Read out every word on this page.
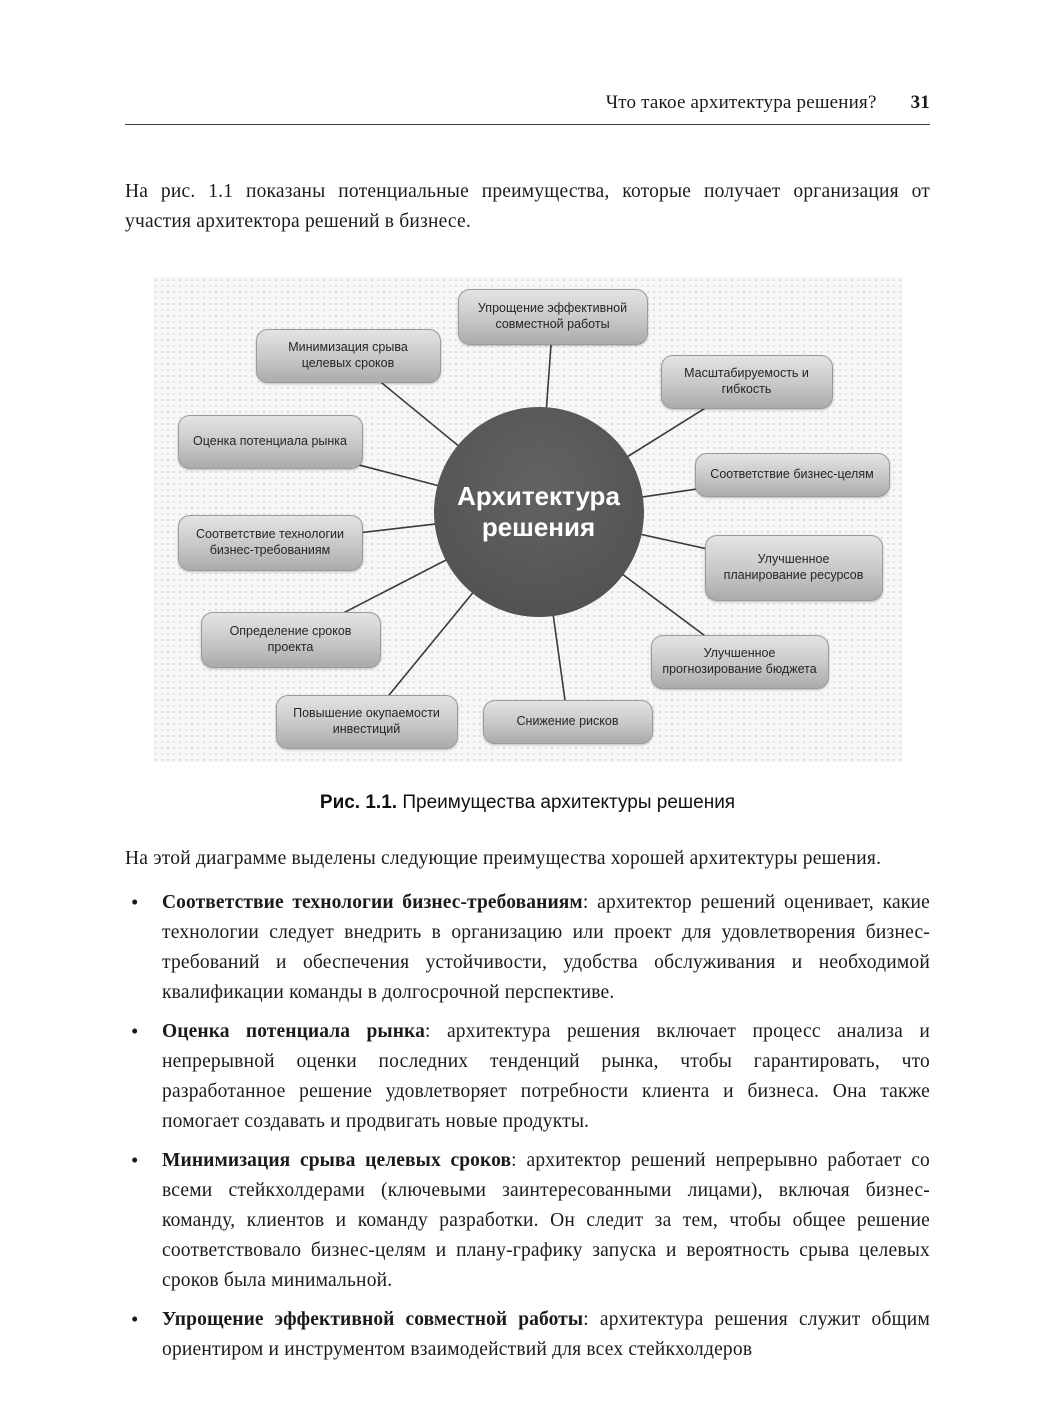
Что такое архитектура решения? 31

На рис. 1.1 показаны потенциальные преимущества, которые получает организация от участия архитектора решений в бизнесе.

Упрощение эффективной совместной работы
Минимизация срыва целевых сроков
Масштабируемость и гибкость
Оценка потенциала рынка
Соответствие бизнес-целям
Соответствие технологии бизнес-требованиям
Улучшенное планирование ресурсов
Определение сроков проекта	Улучшенное прогнозирование бюджета
Повышение окупаемости инвестиций
Снижение рисков
Архитектура решения
Рис. 1.1. Преимущества архитектуры решения

На этой диаграмме выделены следующие преимущества хорошей архитектуры решения.

• Соответствие технологии бизнес-требованиям: архитектор решений оценивает, какие технологии следует внедрить в организацию или проект для удовлетворения бизнес-требований и обеспечения устойчивости, удобства обслуживания и необходимой квалификации команды в долгосрочной перспективе.
• Оценка потенциала рынка: архитектура решения включает процесс анализа и непрерывной оценки последних тенденций рынка, чтобы гарантировать, что разработанное решение удовлетворяет потребности клиента и бизнеса. Она также помогает создавать и продвигать новые продукты.
• Минимизация срыва целевых сроков: архитектор решений непрерывно работает со всеми стейкхолдерами (ключевыми заинтересованными лицами), включая бизнес-команду, клиентов и команду разработки. Он следит за тем, чтобы общее решение соответствовало бизнес-целям и плану-графику запуска и вероятность срыва целевых сроков была минимальной.
• Упрощение эффективной совместной работы: архитектура решения служит общим ориентиром и инструментом взаимодействий для всех стейкхолдеров
